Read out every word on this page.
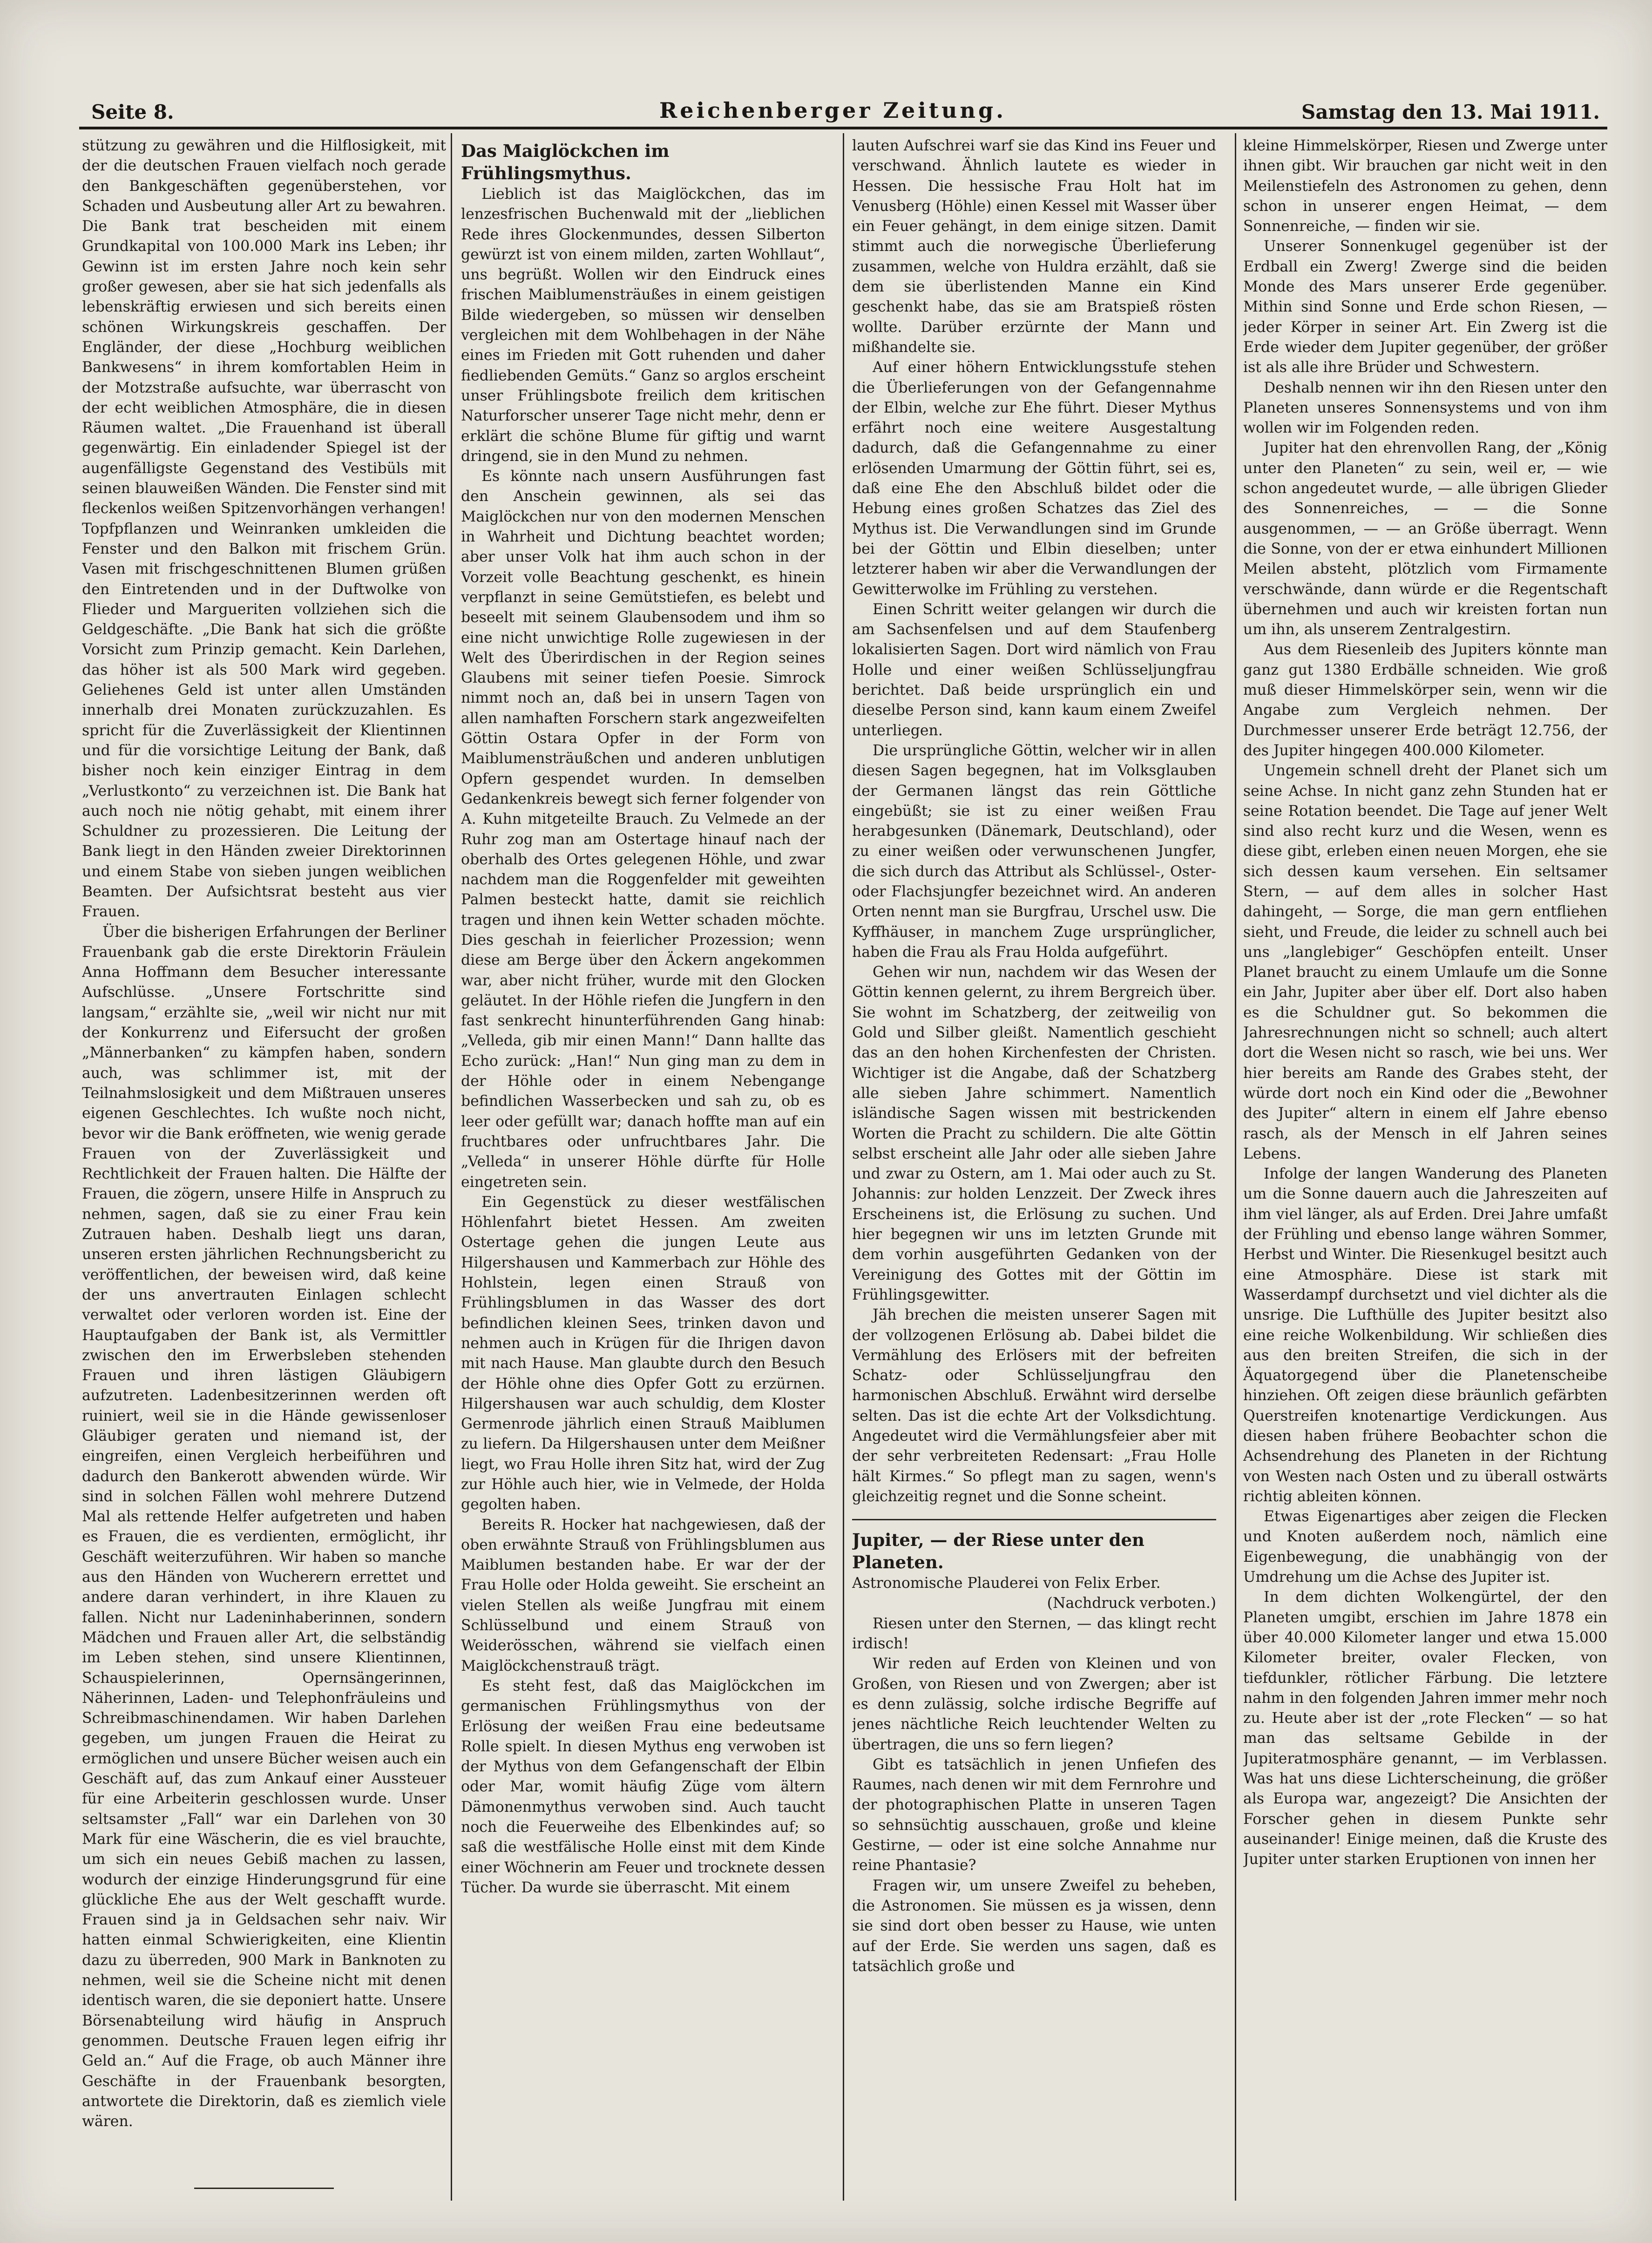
Seite 8.	Reichenberger Zeitung.	Samstag den 13. Mai 1911.

stützung zu gewähren und die Hilflosigkeit, mit der die deutschen Frauen vielfach noch gerade den Bankgeschäften gegenüberstehen, vor Schaden und Ausbeutung aller Art zu bewahren. Die Bank trat bescheiden mit einem Grundkapital von 100.000 Mark ins Leben; ihr Gewinn ist im ersten Jahre noch kein sehr großer gewesen, aber sie hat sich jedenfalls als lebenskräftig erwiesen und sich bereits einen schönen Wirkungskreis geschaffen. Der Engländer, der diese „Hochburg weiblichen Bankwesens“ in ihrem komfortablen Heim in der Motzstraße aufsuchte, war überrascht von der echt weiblichen Atmosphäre, die in diesen Räumen waltet. „Die Frauenhand ist überall gegenwärtig. Ein einladender Spiegel ist der augenfälligste Gegenstand des Vestibüls mit seinen blauweißen Wänden. Die Fenster sind mit fleckenlos weißen Spitzenvorhängen verhangen! Topfpflanzen und Weinranken umkleiden die Fenster und den Balkon mit frischem Grün. Vasen mit frischgeschnittenen Blumen grüßen den Eintretenden und in der Duftwolke von Flieder und Margueriten vollziehen sich die Geldgeschäfte. „Die Bank hat sich die größte Vorsicht zum Prinzip gemacht. Kein Darlehen, das höher ist als 500 Mark wird gegeben. Geliehenes Geld ist unter allen Umständen innerhalb drei Monaten zurückzuzahlen. Es spricht für die Zuverlässigkeit der Klientinnen und für die vorsichtige Leitung der Bank, daß bisher noch kein einziger Eintrag in dem „Verlustkonto“ zu verzeichnen ist. Die Bank hat auch noch nie nötig gehabt, mit einem ihrer Schuldner zu prozessieren. Die Leitung der Bank liegt in den Händen zweier Direktorinnen und einem Stabe von sieben jungen weiblichen Beamten. Der Aufsichtsrat besteht aus vier Frauen.

Über die bisherigen Erfahrungen der Berliner Frauenbank gab die erste Direktorin Fräulein Anna Hoffmann dem Besucher interessante Aufschlüsse. „Unsere Fortschritte sind langsam,“ erzählte sie, „weil wir nicht nur mit der Konkurrenz und Eifersucht der großen „Männerbanken“ zu kämpfen haben, sondern auch, was schlimmer ist, mit der Teilnahmslosigkeit und dem Mißtrauen unseres eigenen Geschlechtes. Ich wußte noch nicht, bevor wir die Bank eröffneten, wie wenig gerade Frauen von der Zuverlässigkeit und Rechtlichkeit der Frauen halten. Die Hälfte der Frauen, die zögern, unsere Hilfe in Anspruch zu nehmen, sagen, daß sie zu einer Frau kein Zutrauen haben. Deshalb liegt uns daran, unseren ersten jährlichen Rechnungsbericht zu veröffentlichen, der beweisen wird, daß keine der uns anvertrauten Einlagen schlecht verwaltet oder verloren worden ist. Eine der Hauptaufgaben der Bank ist, als Vermittler zwischen den im Erwerbsleben stehenden Frauen und ihren lästigen Gläubigern aufzutreten. Ladenbesitzerinnen werden oft ruiniert, weil sie in die Hände gewissenloser Gläubiger geraten und niemand ist, der eingreifen, einen Vergleich herbeiführen und dadurch den Bankerott abwenden würde. Wir sind in solchen Fällen wohl mehrere Dutzend Mal als rettende Helfer aufgetreten und haben es Frauen, die es verdienten, ermöglicht, ihr Geschäft weiterzuführen. Wir haben so manche aus den Händen von Wucherern errettet und andere daran verhindert, in ihre Klauen zu fallen. Nicht nur Ladeninhaberinnen, sondern Mädchen und Frauen aller Art, die selbständig im Leben stehen, sind unsere Klientinnen, Schauspielerinnen, Opernsängerinnen, Näherinnen, Laden- und Telephonfräuleins und Schreibmaschinendamen. Wir haben Darlehen gegeben, um jungen Frauen die Heirat zu ermöglichen und unsere Bücher weisen auch ein Geschäft auf, das zum Ankauf einer Aussteuer für eine Arbeiterin geschlossen wurde. Unser seltsamster „Fall“ war ein Darlehen von 30 Mark für eine Wäscherin, die es viel brauchte, um sich ein neues Gebiß machen zu lassen, wodurch der einzige Hinderungsgrund für eine glückliche Ehe aus der Welt geschafft wurde. Frauen sind ja in Geldsachen sehr naiv. Wir hatten einmal Schwierigkeiten, eine Klientin dazu zu überreden, 900 Mark in Banknoten zu nehmen, weil sie die Scheine nicht mit denen identisch waren, die sie deponiert hatte. Unsere Börsenabteilung wird häufig in Anspruch genommen. Deutsche Frauen legen eifrig ihr Geld an.“ Auf die Frage, ob auch Männer ihre Geschäfte in der Frauenbank besorgten, antwortete die Direktorin, daß es ziemlich viele wären.

Das Maiglöckchen im Frühlingsmythus.

Lieblich ist das Maiglöckchen, das im lenzesfrischen Buchenwald mit der „lieblichen Rede ihres Glockenmundes, dessen Silberton gewürzt ist von einem milden, zarten Wohllaut“, uns begrüßt. Wollen wir den Eindruck eines frischen Maiblumensträußes in einem geistigen Bilde wiedergeben, so müssen wir denselben vergleichen mit dem Wohlbehagen in der Nähe eines im Frieden mit Gott ruhenden und daher fiedliebenden Gemüts.“ Ganz so arglos erscheint unser Frühlingsbote freilich dem kritischen Naturforscher unserer Tage nicht mehr, denn er erklärt die schöne Blume für giftig und warnt dringend, sie in den Mund zu nehmen.

Es könnte nach unsern Ausführungen fast den Anschein gewinnen, als sei das Maiglöckchen nur von den modernen Menschen in Wahrheit und Dichtung beachtet worden; aber unser Volk hat ihm auch schon in der Vorzeit volle Beachtung geschenkt, es hinein verpflanzt in seine Gemütstiefen, es belebt und beseelt mit seinem Glaubensodem und ihm so eine nicht unwichtige Rolle zugewiesen in der Welt des Überirdischen in der Region seines Glaubens mit seiner tiefen Poesie. Simrock nimmt noch an, daß bei in unsern Tagen von allen namhaften Forschern stark angezweifelten Göttin Ostara Opfer in der Form von Maiblumensträußchen und anderen unblutigen Opfern gespendet wurden. In demselben Gedankenkreis bewegt sich ferner folgender von A. Kuhn mitgeteilte Brauch. Zu Velmede an der Ruhr zog man am Ostertage hinauf nach der oberhalb des Ortes gelegenen Höhle, und zwar nachdem man die Roggenfelder mit geweihten Palmen besteckt hatte, damit sie reichlich tragen und ihnen kein Wetter schaden möchte. Dies geschah in feierlicher Prozession; wenn diese am Berge über den Äckern angekommen war, aber nicht früher, wurde mit den Glocken geläutet. In der Höhle riefen die Jungfern in den fast senkrecht hinunterführenden Gang hinab: „Velleda, gib mir einen Mann!“ Dann hallte das Echo zurück: „Han!“ Nun ging man zu dem in der Höhle oder in einem Nebengange befindlichen Wasserbecken und sah zu, ob es leer oder gefüllt war; danach hoffte man auf ein fruchtbares oder unfruchtbares Jahr. Die „Velleda“ in unserer Höhle dürfte für Holle eingetreten sein.

Ein Gegenstück zu dieser westfälischen Höhlenfahrt bietet Hessen. Am zweiten Ostertage gehen die jungen Leute aus Hilgershausen und Kammerbach zur Höhle des Hohlstein, legen einen Strauß von Frühlingsblumen in das Wasser des dort befindlichen kleinen Sees, trinken davon und nehmen auch in Krügen für die Ihrigen davon mit nach Hause. Man glaubte durch den Besuch der Höhle ohne dies Opfer Gott zu erzürnen. Hilgershausen war auch schuldig, dem Kloster Germenrode jährlich einen Strauß Maiblumen zu liefern. Da Hilgershausen unter dem Meißner liegt, wo Frau Holle ihren Sitz hat, wird der Zug zur Höhle auch hier, wie in Velmede, der Holda gegolten haben.

Bereits R. Hocker hat nachgewiesen, daß der oben erwähnte Strauß von Frühlingsblumen aus Maiblumen bestanden habe. Er war der der Frau Holle oder Holda geweiht. Sie erscheint an vielen Stellen als weiße Jungfrau mit einem Schlüsselbund und einem Strauß von Weiderösschen, während sie vielfach einen Maiglöckchenstrauß trägt.

Es steht fest, daß das Maiglöckchen im germanischen Frühlingsmythus von der Erlösung der weißen Frau eine bedeutsame Rolle spielt. In diesen Mythus eng verwoben ist der Mythus von dem Gefangenschaft der Elbin oder Mar, womit häufig Züge vom ältern Dämonenmythus verwoben sind. Auch taucht noch die Feuerweihe des Elbenkindes auf; so saß die westfälische Holle einst mit dem Kinde einer Wöchnerin am Feuer und trocknete dessen Tücher. Da wurde sie überrascht. Mit einem

lauten Aufschrei warf sie das Kind ins Feuer und verschwand. Ähnlich lautete es wieder in Hessen. Die hessische Frau Holt hat im Venusberg (Höhle) einen Kessel mit Wasser über ein Feuer gehängt, in dem einige sitzen. Damit stimmt auch die norwegische Überlieferung zusammen, welche von Huldra erzählt, daß sie dem sie überlistenden Manne ein Kind geschenkt habe, das sie am Bratspieß rösten wollte. Darüber erzürnte der Mann und mißhandelte sie.

Auf einer höhern Entwicklungsstufe stehen die Überlieferungen von der Gefangennahme der Elbin, welche zur Ehe führt. Dieser Mythus erfährt noch eine weitere Ausgestaltung dadurch, daß die Gefangennahme zu einer erlösenden Umarmung der Göttin führt, sei es, daß eine Ehe den Abschluß bildet oder die Hebung eines großen Schatzes das Ziel des Mythus ist. Die Verwandlungen sind im Grunde bei der Göttin und Elbin dieselben; unter letzterer haben wir aber die Verwandlungen der Gewitterwolke im Frühling zu verstehen.

Einen Schritt weiter gelangen wir durch die am Sachsenfelsen und auf dem Staufenberg lokalisierten Sagen. Dort wird nämlich von Frau Holle und einer weißen Schlüsseljungfrau berichtet. Daß beide ursprünglich ein und dieselbe Person sind, kann kaum einem Zweifel unterliegen.

Die ursprüngliche Göttin, welcher wir in allen diesen Sagen begegnen, hat im Volksglauben der Germanen längst das rein Göttliche eingebüßt; sie ist zu einer weißen Frau herabgesunken (Dänemark, Deutschland), oder zu einer weißen oder verwunschenen Jungfer, die sich durch das Attribut als Schlüssel-, Oster- oder Flachsjungfer bezeichnet wird. An anderen Orten nennt man sie Burgfrau, Urschel usw. Die Kyffhäuser, in manchem Zuge ursprünglicher, haben die Frau als Frau Holda aufgeführt.

Gehen wir nun, nachdem wir das Wesen der Göttin kennen gelernt, zu ihrem Bergreich über. Sie wohnt im Schatzberg, der zeitweilig von Gold und Silber gleißt. Namentlich geschieht das an den hohen Kirchenfesten der Christen. Wichtiger ist die Angabe, daß der Schatzberg alle sieben Jahre schimmert. Namentlich isländische Sagen wissen mit bestrickenden Worten die Pracht zu schildern. Die alte Göttin selbst erscheint alle Jahr oder alle sieben Jahre und zwar zu Ostern, am 1. Mai oder auch zu St. Johannis: zur holden Lenzzeit. Der Zweck ihres Erscheinens ist, die Erlösung zu suchen. Und hier begegnen wir uns im letzten Grunde mit dem vorhin ausgeführten Gedanken von der Vereinigung des Gottes mit der Göttin im Frühlingsgewitter.

Jäh brechen die meisten unserer Sagen mit der vollzogenen Erlösung ab. Dabei bildet die Vermählung des Erlösers mit der befreiten Schatz- oder Schlüsseljungfrau den harmonischen Abschluß. Erwähnt wird derselbe selten. Das ist die echte Art der Volksdichtung. Angedeutet wird die Vermählungsfeier aber mit der sehr verbreiteten Redensart: „Frau Holle hält Kirmes.“ So pflegt man zu sagen, wenn's gleichzeitig regnet und die Sonne scheint.

Jupiter, — der Riese unter den Planeten.

Astronomische Plauderei von Felix Erber.

(Nachdruck verboten.)

Riesen unter den Sternen, — das klingt recht irdisch!

Wir reden auf Erden von Kleinen und von Großen, von Riesen und von Zwergen; aber ist es denn zulässig, solche irdische Begriffe auf jenes nächtliche Reich leuchtender Welten zu übertragen, die uns so fern liegen?

Gibt es tatsächlich in jenen Unfiefen des Raumes, nach denen wir mit dem Fernrohre und der photographischen Platte in unseren Tagen so sehnsüchtig ausschauen, große und kleine Gestirne, — oder ist eine solche Annahme nur reine Phantasie?

Fragen wir, um unsere Zweifel zu beheben, die Astronomen. Sie müssen es ja wissen, denn sie sind dort oben besser zu Hause, wie unten auf der Erde. Sie werden uns sagen, daß es tatsächlich große und

kleine Himmelskörper, Riesen und Zwerge unter ihnen gibt. Wir brauchen gar nicht weit in den Meilenstiefeln des Astronomen zu gehen, denn schon in unserer engen Heimat, — dem Sonnenreiche, — finden wir sie.

Unserer Sonnenkugel gegenüber ist der Erdball ein Zwerg! Zwerge sind die beiden Monde des Mars unserer Erde gegenüber. Mithin sind Sonne und Erde schon Riesen, — jeder Körper in seiner Art. Ein Zwerg ist die Erde wieder dem Jupiter gegenüber, der größer ist als alle ihre Brüder und Schwestern.

Deshalb nennen wir ihn den Riesen unter den Planeten unseres Sonnensystems und von ihm wollen wir im Folgenden reden.

Jupiter hat den ehrenvollen Rang, der „König unter den Planeten“ zu sein, weil er, — wie schon angedeutet wurde, — alle übrigen Glieder des Sonnenreiches, — — die Sonne ausgenommen, — — an Größe überragt. Wenn die Sonne, von der er etwa einhundert Millionen Meilen absteht, plötzlich vom Firmamente verschwände, dann würde er die Regentschaft übernehmen und auch wir kreisten fortan nun um ihn, als unserem Zentralgestirn.

Aus dem Riesenleib des Jupiters könnte man ganz gut 1380 Erdbälle schneiden. Wie groß muß dieser Himmelskörper sein, wenn wir die Angabe zum Vergleich nehmen. Der Durchmesser unserer Erde beträgt 12.756, der des Jupiter hingegen 400.000 Kilometer.

Ungemein schnell dreht der Planet sich um seine Achse. In nicht ganz zehn Stunden hat er seine Rotation beendet. Die Tage auf jener Welt sind also recht kurz und die Wesen, wenn es diese gibt, erleben einen neuen Morgen, ehe sie sich dessen kaum versehen. Ein seltsamer Stern, — auf dem alles in solcher Hast dahingeht, — Sorge, die man gern entfliehen sieht, und Freude, die leider zu schnell auch bei uns „langlebiger“ Geschöpfen enteilt. Unser Planet braucht zu einem Umlaufe um die Sonne ein Jahr, Jupiter aber über elf. Dort also haben es die Schuldner gut. So bekommen die Jahresrechnungen nicht so schnell; auch altert dort die Wesen nicht so rasch, wie bei uns. Wer hier bereits am Rande des Grabes steht, der würde dort noch ein Kind oder die „Bewohner des Jupiter“ altern in einem elf Jahre ebenso rasch, als der Mensch in elf Jahren seines Lebens.

Infolge der langen Wanderung des Planeten um die Sonne dauern auch die Jahreszeiten auf ihm viel länger, als auf Erden. Drei Jahre umfaßt der Frühling und ebenso lange währen Sommer, Herbst und Winter. Die Riesenkugel besitzt auch eine Atmosphäre. Diese ist stark mit Wasserdampf durchsetzt und viel dichter als die unsrige. Die Lufthülle des Jupiter besitzt also eine reiche Wolkenbildung. Wir schließen dies aus den breiten Streifen, die sich in der Äquatorgegend über die Planetenscheibe hinziehen. Oft zeigen diese bräunlich gefärbten Querstreifen knotenartige Verdickungen. Aus diesen haben frühere Beobachter schon die Achsendrehung des Planeten in der Richtung von Westen nach Osten und zu überall ostwärts richtig ableiten können.

Etwas Eigenartiges aber zeigen die Flecken und Knoten außerdem noch, nämlich eine Eigenbewegung, die unabhängig von der Umdrehung um die Achse des Jupiter ist.

In dem dichten Wolkengürtel, der den Planeten umgibt, erschien im Jahre 1878 ein über 40.000 Kilometer langer und etwa 15.000 Kilometer breiter, ovaler Flecken, von tiefdunkler, rötlicher Färbung. Die letztere nahm in den folgenden Jahren immer mehr noch zu. Heute aber ist der „rote Flecken“ — so hat man das seltsame Gebilde in der Jupiteratmosphäre genannt, — im Verblassen. Was hat uns diese Lichterscheinung, die größer als Europa war, angezeigt? Die Ansichten der Forscher gehen in diesem Punkte sehr auseinander! Einige meinen, daß die Kruste des Jupiter unter starken Eruptionen von innen her
